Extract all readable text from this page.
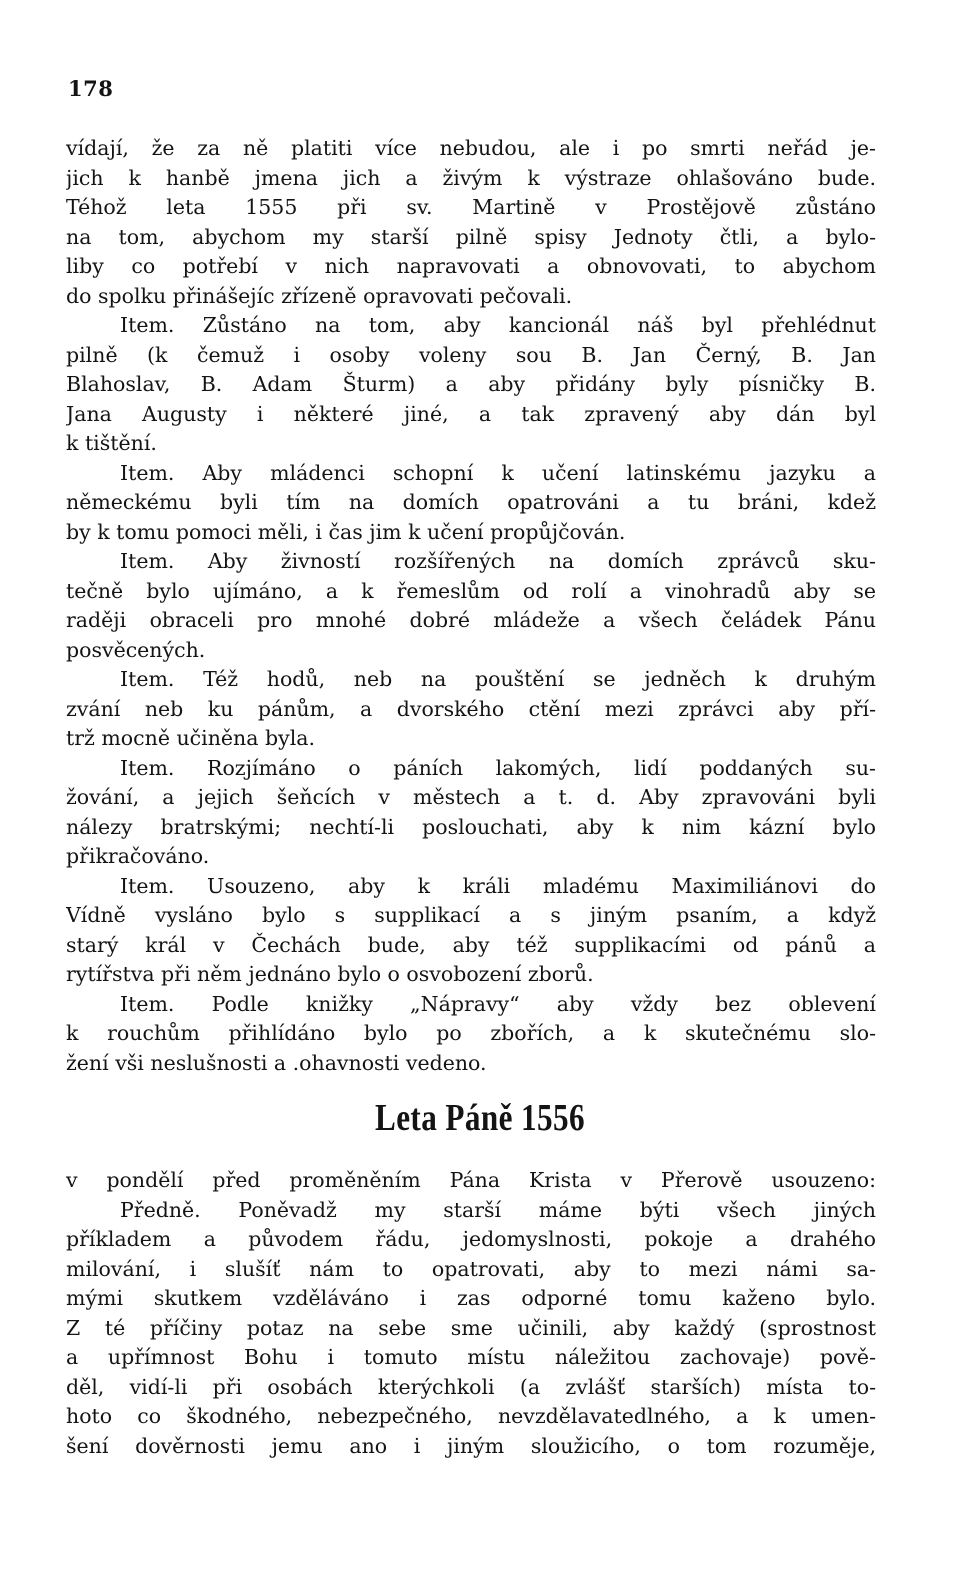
178
vídají, že za ně platiti více nebudou, ale i po smrti neřád je-
jich k hanbě jmena jich a živým k výstraze ohlašováno bude.
Téhož leta 1555 při sv. Martině v Prostějově zůstáno
na tom, abychom my starší pilně spisy Jednoty čtli, a bylo-
liby co potřebí v nich napravovati a obnovovati, to abychom
do spolku přinášejíc zřízeně opravovati pečovali.
Item. Zůstáno na tom, aby kancionál náš byl přehlédnut
pilně (k čemuž i osoby voleny sou B. Jan Černý, B. Jan
Blahoslav, B. Adam Šturm) a aby přidány byly písničky B.
Jana Augusty i některé jiné, a tak zpravený aby dán byl
k tištění.
Item. Aby mládenci schopní k učení latinskému jazyku a
německému byli tím na domích opatrováni a tu bráni, kdež
by k tomu pomoci měli, i čas jim k učení propůjčován.
Item. Aby živností rozšířených na domích zprávců sku-
tečně bylo ujímáno, a k řemeslům od rolí a vinohradů aby se
raději obraceli pro mnohé dobré mládeže a všech čeládek Pánu
posvěcených.
Item. Též hodů, neb na pouštění se jedněch k druhým
zvání neb ku pánům, a dvorského ctění mezi zprávci aby pří-
trž mocně učiněna byla.
Item. Rozjímáno o páních lakomých, lidí poddaných su-
žování, a jejich šeňcích v městech a t. d. Aby zpravováni byli
nálezy bratrskými; nechtí-li poslouchati, aby k nim kázní bylo
přikračováno.
Item. Usouzeno, aby k králi mladému Maximiliánovi do
Vídně vysláno bylo s supplikací a s jiným psaním, a když
starý král v Čechách bude, aby též supplikacími od pánů a
rytířstva při něm jednáno bylo o osvobození zborů.
Item. Podle knižky „Nápravy“ aby vždy bez oblevení
k rouchům přihlídáno bylo po zbořích, a k skutečnému slo-
žení vši neslušnosti a .ohavnosti vedeno.
Leta Páně 1556
v pondělí před proměněním Pána Krista v Přerově usouzeno:
Předně. Poněvadž my starší máme býti všech jiných
příkladem a původem řádu, jedomyslnosti, pokoje a drahého
milování, i slušíť nám to opatrovati, aby to mezi námi sa-
mými skutkem vzděláváno i zas odporné tomu kaženo bylo.
Z té příčiny potaz na sebe sme učinili, aby každý (sprostnost
a upřímnost Bohu i tomuto místu náležitou zachovaje) pově-
děl, vidí-li při osobách kterýchkoli (a zvlášť starších) místa to-
hoto co škodného, nebezpečného, nevzdělavatedlného, a k umen-
šení dověrnosti jemu ano i jiným sloužicího, o tom rozuměje,
